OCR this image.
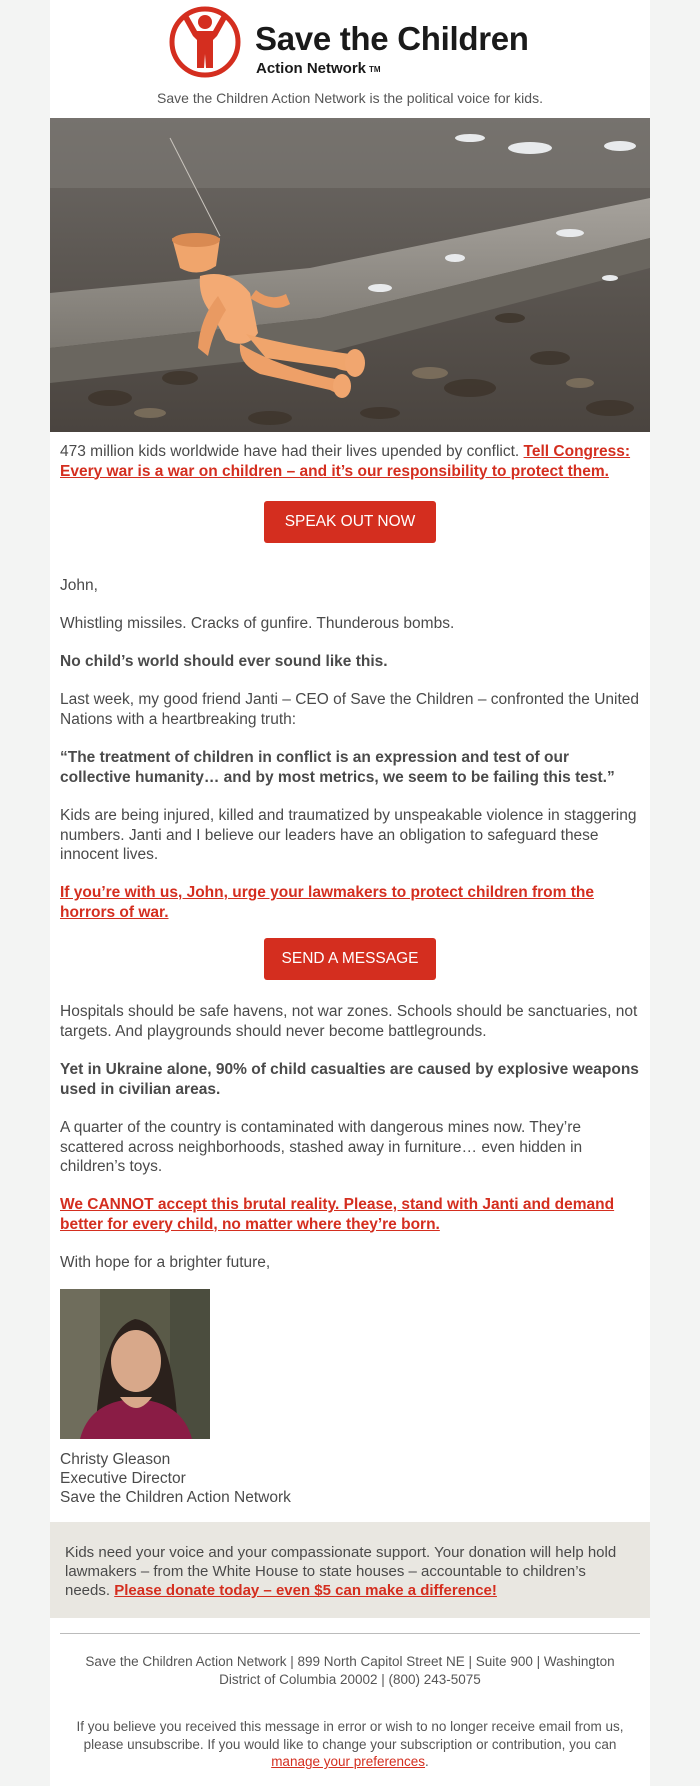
Save the Children
Action Network TM
Save the Children Action Network is the political voice for kids.

473 million kids worldwide have had their lives upended by conflict. Tell Congress: Every war is a war on children – and it’s our responsibility to protect them.

SPEAK OUT NOW

John,

Whistling missiles. Cracks of gunfire. Thunderous bombs.

No child’s world should ever sound like this.

Last week, my good friend Janti – CEO of Save the Children – confronted the United Nations with a heartbreaking truth:

“The treatment of children in conflict is an expression and test of our collective humanity… and by most metrics, we seem to be failing this test.”

Kids are being injured, killed and traumatized by unspeakable violence in staggering numbers. Janti and I believe our leaders have an obligation to safeguard these innocent lives.

If you’re with us, John, urge your lawmakers to protect children from the horrors of war.

SEND A MESSAGE

Hospitals should be safe havens, not war zones. Schools should be sanctuaries, not targets. And playgrounds should never become battlegrounds.

Yet in Ukraine alone, 90% of child casualties are caused by explosive weapons used in civilian areas.

A quarter of the country is contaminated with dangerous mines now. They’re scattered across neighborhoods, stashed away in furniture… even hidden in children’s toys.

We CANNOT accept this brutal reality. Please, stand with Janti and demand better for every child, no matter where they’re born.

With hope for a brighter future,

Christy Gleason

Executive Director

Save the Children Action Network

Kids need your voice and your compassionate support. Your donation will help hold lawmakers – from the White House to state houses – accountable to children’s needs. Please donate today – even $5 can make a difference!

Save the Children Action Network | 899 North Capitol Street NE | Suite 900 | Washington District of Columbia 20002 | (800) 243-5075
If you believe you received this message in error or wish to no longer receive email from us, please unsubscribe. If you would like to change your subscription or contribution, you can manage your preferences.
